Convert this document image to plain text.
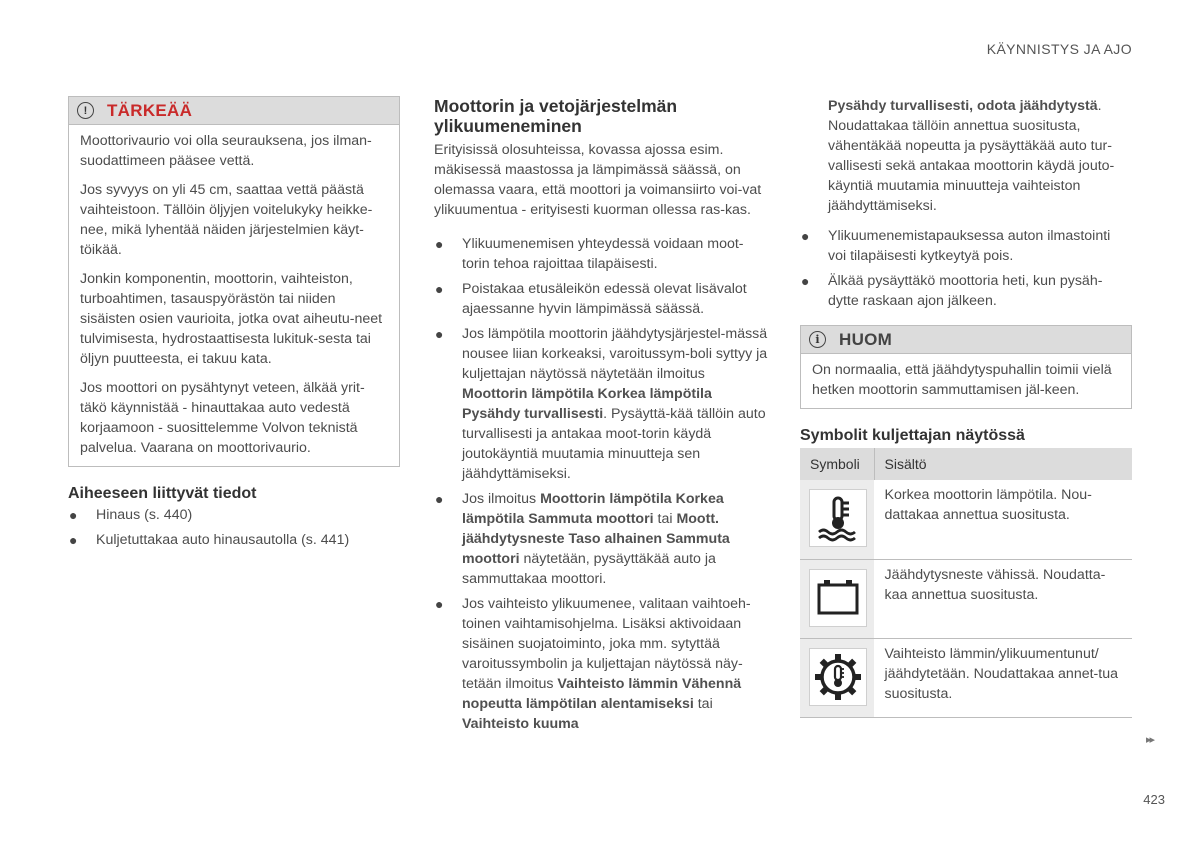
KÄYNNISTYS JA AJO
!	TÄRKEÄÄ

Moottorivaurio voi olla seurauksena, jos ilman-suodattimeen pääsee vettä.

Jos syvyys on yli 45 cm, saattaa vettä päästä vaihteistoon. Tällöin öljyjen voitelukyky heikke-nee, mikä lyhentää näiden järjestelmien käyt-töikää.

Jonkin komponentin, moottorin, vaihteiston, turboahtimen, tasauspyörästön tai niiden sisäisten osien vaurioita, jotka ovat aiheutu-neet tulvimisesta, hydrostaattisesta lukituk-sesta tai öljyn puutteesta, ei takuu kata.

Jos moottori on pysähtynyt veteen, älkää yrit-täkö käynnistää - hinauttakaa auto vedestä korjaamoon - suosittelemme Volvon teknistä palvelua. Vaarana on moottorivaurio.

Aiheeseen liittyvät tiedot
● Hinaus (s. 440)
● Kuljetuttakaa auto hinausautolla (s. 441)
Moottorin ja vetojärjestelmän ylikuumeneminen

Erityisissä olosuhteissa, kovassa ajossa esim. mäkisessä maastossa ja lämpimässä säässä, on olemassa vaara, että moottori ja voimansiirto voi-vat ylikuumentua - erityisesti kuorman ollessa ras-kas.

● Ylikuumenemisen yhteydessä voidaan moot-torin tehoa rajoittaa tilapäisesti.
● Poistakaa etusäleikön edessä olevat lisävalot ajaessanne hyvin lämpimässä säässä.
● Jos lämpötila moottorin jäähdytysjärjestel-mässä nousee liian korkeaksi, varoitussym-boli syttyy ja kuljettajan näytössä näytetään ilmoitus Moottorin lämpötila Korkea lämpötila Pysähdy turvallisesti. Pysäyttä-kää tällöin auto turvallisesti ja antakaa moot-torin käydä joutokäyntiä muutamia minuutteja sen jäähdyttämiseksi.
● Jos ilmoitus Moottorin lämpötila Korkea lämpötila Sammuta moottori tai Moott. jäähdytysneste Taso alhainen Sammuta moottori näytetään, pysäyttäkää auto ja sammuttakaa moottori.
● Jos vaihteisto ylikuumenee, valitaan vaihtoeh-toinen vaihtamisohjelma. Lisäksi aktivoidaan sisäinen suojatoiminto, joka mm. sytyttää varoitussymbolin ja kuljettajan näytössä näy-tetään ilmoitus Vaihteisto lämmin Vähennä nopeutta lämpötilan alentamiseksi tai Vaihteisto kuuma

Pysähdy turvallisesti, odota jäähdytystä. Noudattakaa tällöin annettua suositusta, vähentäkää nopeutta ja pysäyttäkää auto tur-vallisesti sekä antakaa moottorin käydä jouto-käyntiä muutamia minuutteja vaihteiston jäähdyttämiseksi.

● Ylikuumenemistapauksessa auton ilmastointi voi tilapäisesti kytkeytyä pois.
● Älkää pysäyttäkö moottoria heti, kun pysäh-dytte raskaan ajon jälkeen.
i	HUOM

On normaalia, että jäähdytyspuhallin toimii vielä hetken moottorin sammuttamisen jäl-keen.

Symbolit kuljettajan näytössä
Symboli	Sisältö

	Korkea moottorin lämpötila. Nou-dattakaa annettua suositusta.

	Jäähdytysneste vähissä. Noudatta-kaa annettua suositusta.

	Vaihteisto lämmin/ylikuumentunut/ jäähdytetään. Noudattakaa annet-tua suositusta.
▸▸
423
